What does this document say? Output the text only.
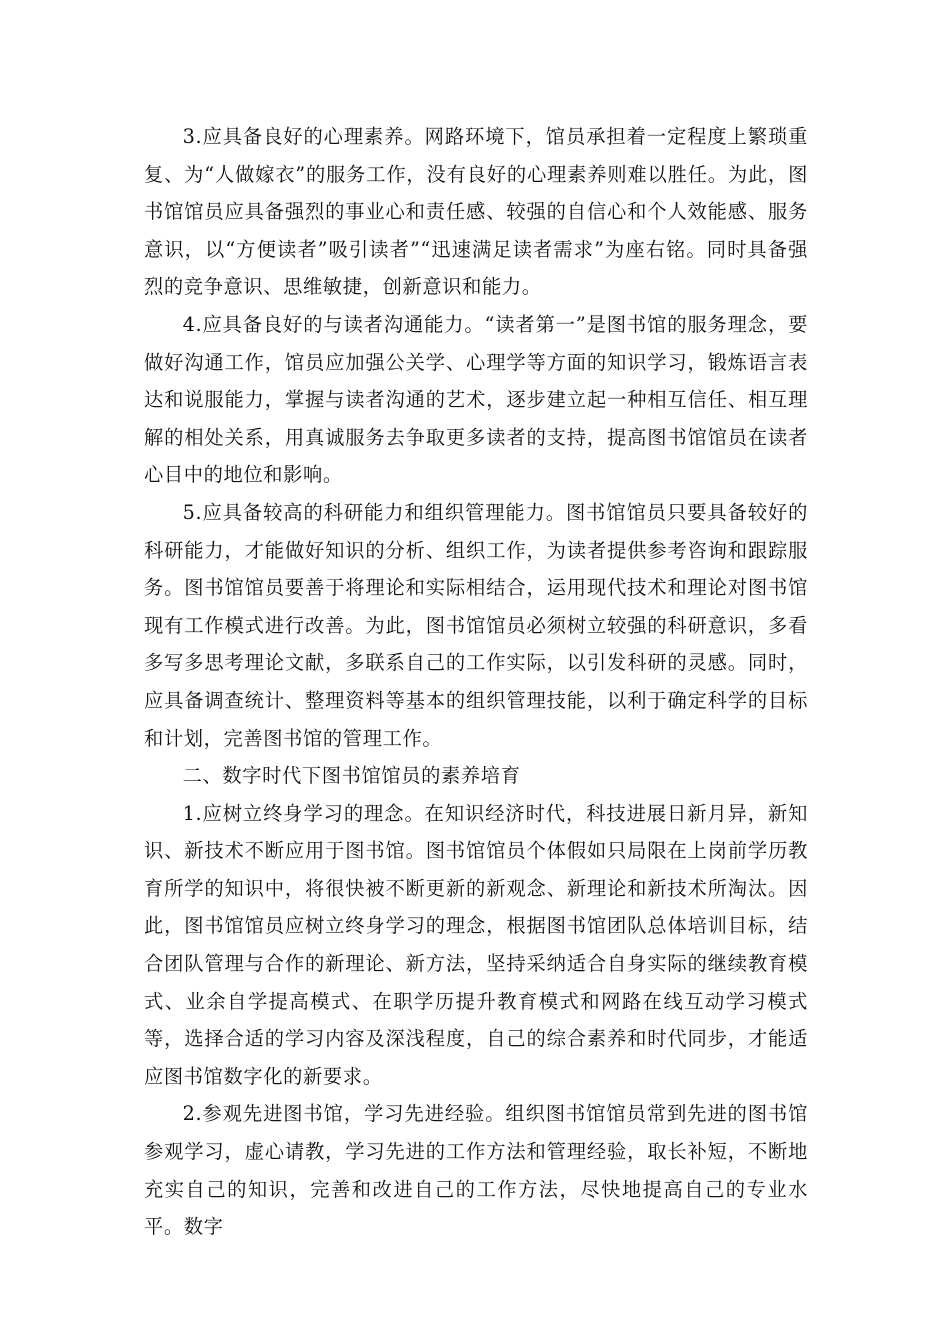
3.应具备良好的心理素养。网路环境下，馆员承担着一定程度上繁琐重复、为“人做嫁衣”的服务工作，没有良好的心理素养则难以胜任。为此，图书馆馆员应具备强烈的事业心和责任感、较强的自信心和个人效能感、服务意识，以“方便读者”吸引读者”“迅速满足读者需求”为座右铭。同时具备强烈的竞争意识、思维敏捷，创新意识和能力。

4.应具备良好的与读者沟通能力。“读者第一”是图书馆的服务理念，要做好沟通工作，馆员应加强公关学、心理学等方面的知识学习，锻炼语言表达和说服能力，掌握与读者沟通的艺术，逐步建立起一种相互信任、相互理解的相处关系，用真诚服务去争取更多读者的支持，提高图书馆馆员在读者心目中的地位和影响。

5.应具备较高的科研能力和组织管理能力。图书馆馆员只要具备较好的科研能力，才能做好知识的分析、组织工作，为读者提供参考咨询和跟踪服务。图书馆馆员要善于将理论和实际相结合，运用现代技术和理论对图书馆现有工作模式进行改善。为此，图书馆馆员必须树立较强的科研意识，多看多写多思考理论文献，多联系自己的工作实际，以引发科研的灵感。同时，应具备调查统计、整理资料等基本的组织管理技能，以利于确定科学的目标和计划，完善图书馆的管理工作。

二、数字时代下图书馆馆员的素养培育

1.应树立终身学习的理念。在知识经济时代，科技进展日新月异，新知识、新技术不断应用于图书馆。图书馆馆员个体假如只局限在上岗前学历教育所学的知识中，将很快被不断更新的新观念、新理论和新技术所淘汰。因此，图书馆馆员应树立终身学习的理念，根据图书馆团队总体培训目标，结合团队管理与合作的新理论、新方法，坚持采纳适合自身实际的继续教育模式、业余自学提高模式、在职学历提升教育模式和网路在线互动学习模式等，选择合适的学习内容及深浅程度，自己的综合素养和时代同步，才能适应图书馆数字化的新要求。

2.参观先进图书馆，学习先进经验。组织图书馆馆员常到先进的图书馆参观学习，虚心请教，学习先进的工作方法和管理经验，取长补短，不断地充实自己的知识，完善和改进自己的工作方法，尽快地提高自己的专业水平。数字
